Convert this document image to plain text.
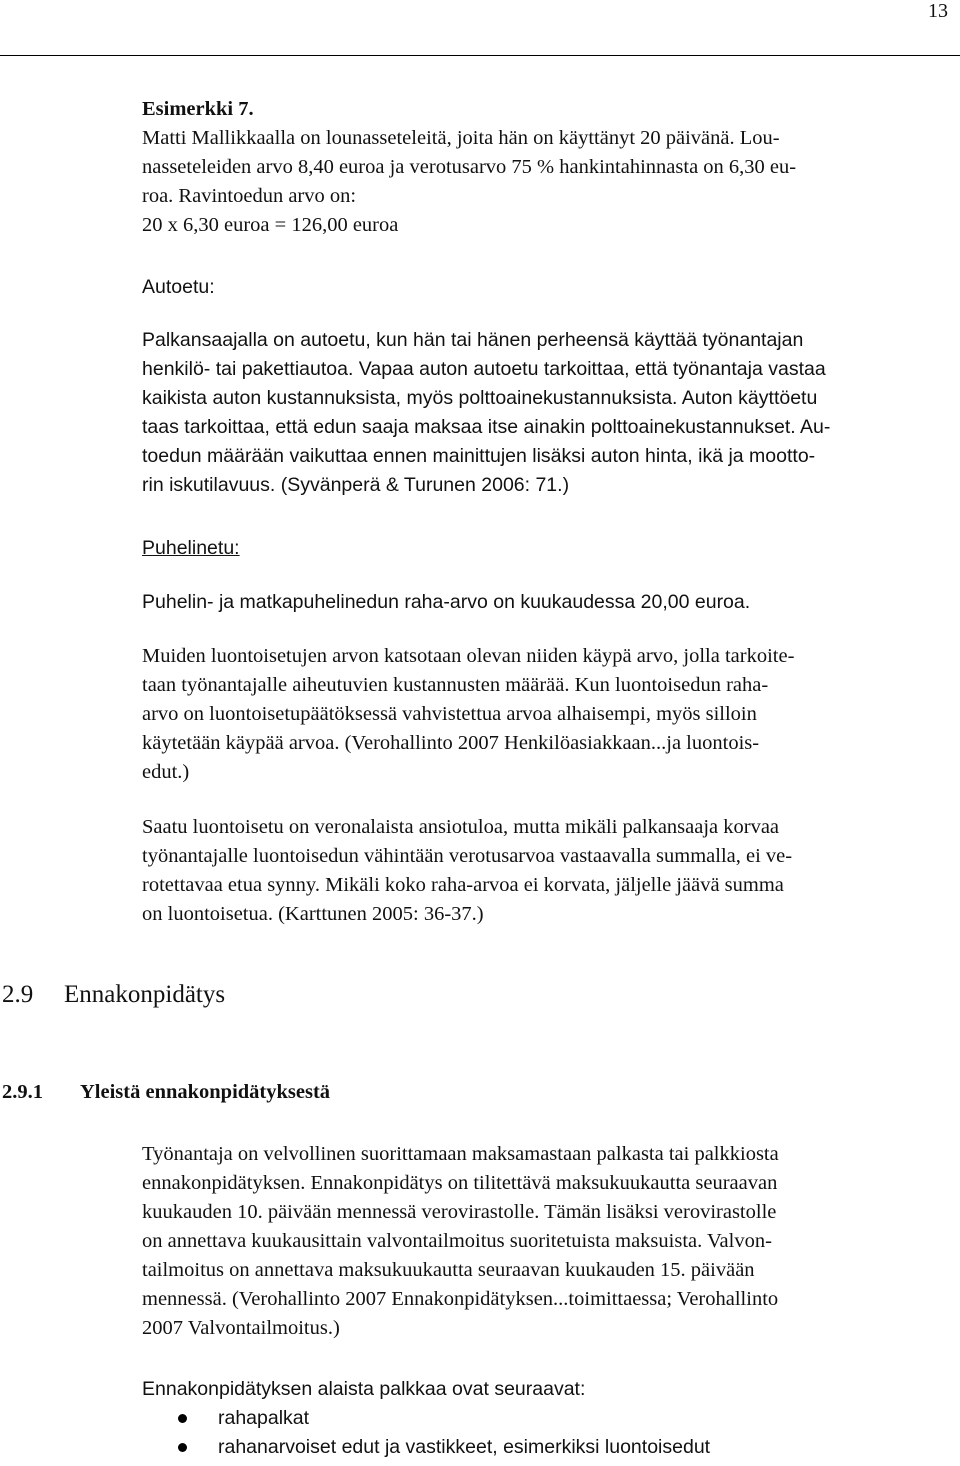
13

Esimerkki 7.

Matti Mallikkaalla on lounasseteleitä, joita hän on käyttänyt 20 päivänä. Lou-

nasseteleiden arvo 8,40 euroa ja verotusarvo 75 % hankintahinnasta on 6,30 eu-

roa. Ravintoedun arvo on:

20 x 6,30 euroa = 126,00 euroa

Autoetu:

Palkansaajalla on autoetu, kun hän tai hänen perheensä käyttää työnantajan

henkilö- tai pakettiautoa. Vapaa auton autoetu tarkoittaa, että työnantaja vastaa

kaikista auton kustannuksista, myös polttoainekustannuksista. Auton käyttöetu

taas tarkoittaa, että edun saaja maksaa itse ainakin polttoainekustannukset. Au-

toedun määrään vaikuttaa ennen mainittujen lisäksi auton hinta, ikä ja mootto-

rin iskutilavuus. (Syvänperä & Turunen 2006: 71.)

Puhelinetu:

Puhelin- ja matkapuhelinedun raha-arvo on kuukaudessa 20,00 euroa.

Muiden luontoisetujen arvon katsotaan olevan niiden käypä arvo, jolla tarkoite-

taan työnantajalle aiheutuvien kustannusten määrää. Kun luontoisedun raha-

arvo on luontoisetupäätöksessä vahvistettua arvoa alhaisempi, myös silloin

käytetään käypää arvoa. (Verohallinto 2007 Henkilöasiakkaan...ja luontois-

edut.)

Saatu luontoisetu on veronalaista ansiotuloa, mutta mikäli palkansaaja korvaa

työnantajalle luontoisedun vähintään verotusarvoa vastaavalla summalla, ei ve-

rotettavaa etua synny. Mikäli koko raha-arvoa ei korvata, jäljelle jäävä summa

on luontoisetua. (Karttunen 2005: 36-37.)

2.9 Ennakonpidätys
2.9.1 Yleistä ennakonpidätyksestä

Työnantaja on velvollinen suorittamaan maksamastaan palkasta tai palkkiosta

ennakonpidätyksen. Ennakonpidätys on tilitettävä maksukuukautta seuraavan

kuukauden 10. päivään mennessä verovirastolle. Tämän lisäksi verovirastolle

on annettava kuukausittain valvontailmoitus suoritetuista maksuista. Valvon-

tailmoitus on annettava maksukuukautta seuraavan kuukauden 15. päivään

mennessä. (Verohallinto 2007 Ennakonpidätyksen...toimittaessa; Verohallinto

2007 Valvontailmoitus.)

Ennakonpidätyksen alaista palkkaa ovat seuraavat:

rahapalkat
rahanarvoiset edut ja vastikkeet, esimerkiksi luontoisedut
